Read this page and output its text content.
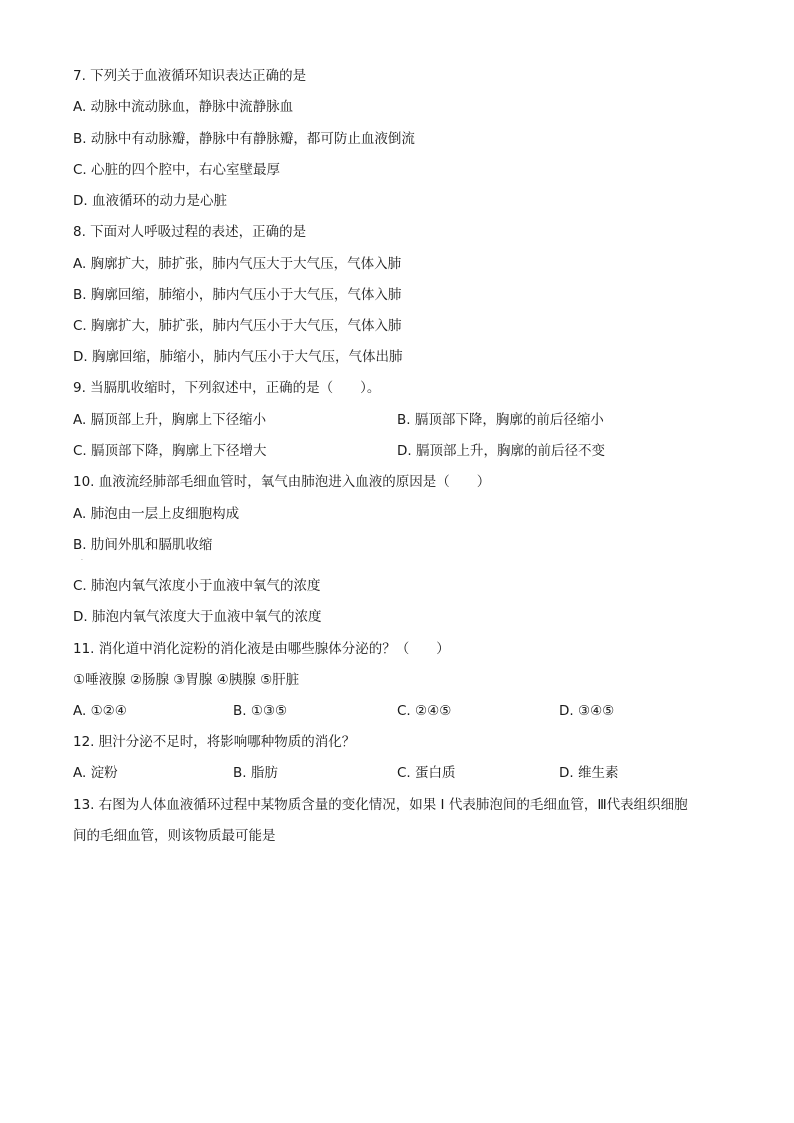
7. 下列关于血液循环知识表达正确的是
A. 动脉中流动脉血，静脉中流静脉血
B. 动脉中有动脉瓣，静脉中有静脉瓣，都可防止血液倒流
C. 心脏的四个腔中，右心室壁最厚
D. 血液循环的动力是心脏
8. 下面对人呼吸过程的表述，正确的是
A. 胸廓扩大，肺扩张，肺内气压大于大气压，气体入肺
B. 胸廓回缩，肺缩小，肺内气压小于大气压，气体入肺
C. 胸廓扩大，肺扩张，肺内气压小于大气压，气体入肺
D. 胸廓回缩，肺缩小，肺内气压小于大气压，气体出肺
9. 当膈肌收缩时，下列叙述中，正确的是（　　）。
A. 膈顶部上升，胸廓上下径缩小	B. 膈顶部下降，胸廓的前后径缩小
C. 膈顶部下降，胸廓上下径增大	D. 膈顶部上升，胸廓的前后径不变
10. 血液流经肺部毛细血管时，氧气由肺泡进入血液的原因是（　　）
A. 肺泡由一层上皮细胞构成
B. 肋间外肌和膈肌收缩
.
C. 肺泡内氧气浓度小于血液中氧气的浓度
D. 肺泡内氧气浓度大于血液中氧气的浓度
11. 消化道中消化淀粉的消化液是由哪些腺体分泌的？（　　）
①唾液腺 ②肠腺 ③胃腺 ④胰腺 ⑤肝脏
A. ①②④	B. ①③⑤	C. ②④⑤	D. ③④⑤
12. 胆汁分泌不足时，将影响哪种物质的消化？
A. 淀粉	B. 脂肪	C. 蛋白质	D. 维生素
13. 右图为人体血液循环过程中某物质含量的变化情况，如果 I 代表肺泡间的毛细血管，Ⅲ代表组织细胞
间的毛细血管，则该物质最可能是
